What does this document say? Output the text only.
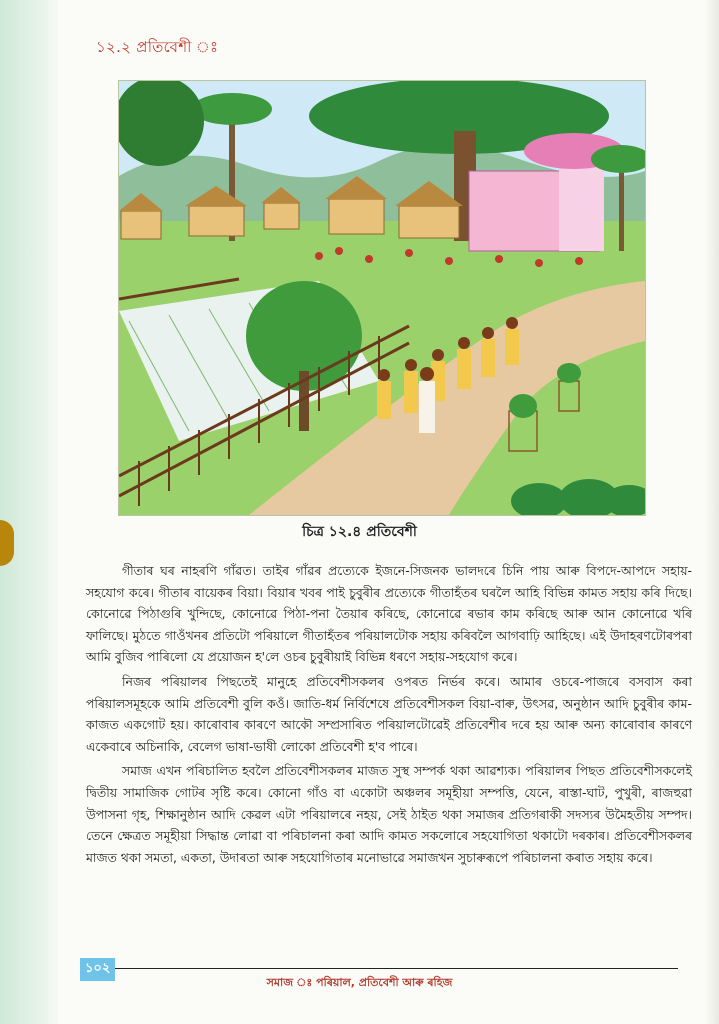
১২.২ প্ৰতিবেশী ঃ
চিত্ৰ ১২.৪ প্ৰতিবেশী

গীতাৰ ঘৰ নাহৰণি গাঁৱত। তাইৰ গাঁৱৰ প্ৰত্যেকে ইজনে-সিজনক ভালদৰে চিনি পায় আৰু বিপদে-আপদে সহায়-সহযোগ কৰে। গীতাৰ বায়েকৰ বিয়া। বিয়াৰ খবৰ পাই চুবুৰীৰ প্ৰত্যেকে গীতাহঁতৰ ঘৰলৈ আহি বিভিন্ন কামত সহায় কৰি দিছে। কোনোৱে পিঠাগুৰি খুন্দিছে, কোনোৱে পিঠা-পনা তৈয়াৰ কৰিছে, কোনোৱে ৰভাৰ কাম কৰিছে আৰু আন কোনোৱে খৰি ফালিছে। মুঠতে গাওঁখনৰ প্ৰতিটো পৰিয়ালে গীতাহঁতৰ পৰিয়ালটোক সহায় কৰিবলৈ আগবাঢ়ি আহিছে। এই উদাহৰণটোৰপৰা আমি বুজিব পাৰিলো যে প্ৰয়োজন হ'লে ওচৰ চুবুৰীয়াই বিভিন্ন ধৰণে সহায়-সহযোগ কৰে।

নিজৰ পৰিয়ালৰ পিছতেই মানুহে প্ৰতিবেশীসকলৰ ওপৰত নিৰ্ভৰ কৰে। আমাৰ ওচৰে-পাজৰে বসবাস কৰা পৰিয়ালসমূহকে আমি প্ৰতিবেশী বুলি কওঁ। জাতি-ধৰ্ম নিৰ্বিশেষে প্ৰতিবেশীসকল বিয়া-বাৰু, উৎসৱ, অনুষ্ঠান আদি চুবুৰীৰ কাম-কাজত একগোট হয়। কাৰোবাৰ কাৰণে আকৌ সম্প্ৰসাৰিত পৰিয়ালটোৱেই প্ৰতিবেশীৰ দৰে হয় আৰু অন্য কাৰোবাৰ কাৰণে একেবাৰে অচিনাকি, বেলেগ ভাষা-ভাষী লোকো প্ৰতিবেশী হ'ব পাৰে।

সমাজ এখন পৰিচালিত হবলৈ প্ৰতিবেশীসকলৰ মাজত সুস্থ সম্পৰ্ক থকা আৱশ্যক। পৰিয়ালৰ পিছত প্ৰতিবেশীসকলেই দ্বিতীয় সামাজিক গোটৰ সৃষ্টি কৰে। কোনো গাঁও বা একোটা অঞ্চলৰ সমূহীয়া সম্পত্তি, যেনে, ৰাস্তা-ঘাট, পুখুৰী, ৰাজহুৱা উপাসনা গৃহ, শিক্ষানুষ্ঠান আদি কেৱল এটা পৰিয়ালৰে নহয়, সেই ঠাইত থকা সমাজৰ প্ৰতিগৰাকী সদস্যৰ উমৈহতীয় সম্পদ। তেনে ক্ষেত্ৰত সমূহীয়া সিদ্ধান্ত লোৱা বা পৰিচালনা কৰা আদি কামত সকলোৰে সহযোগিতা থকাটো দৰকাৰ। প্ৰতিবেশীসকলৰ মাজত থকা সমতা, একতা, উদাৰতা আৰু সহযোগিতাৰ মনোভাৱে সমাজখন সুচাৰুৰূপে পৰিচালনা কৰাত সহায় কৰে।

১০২
সমাজ ঃ পৰিয়াল, প্ৰতিবেশী আৰু ৰহিজ
